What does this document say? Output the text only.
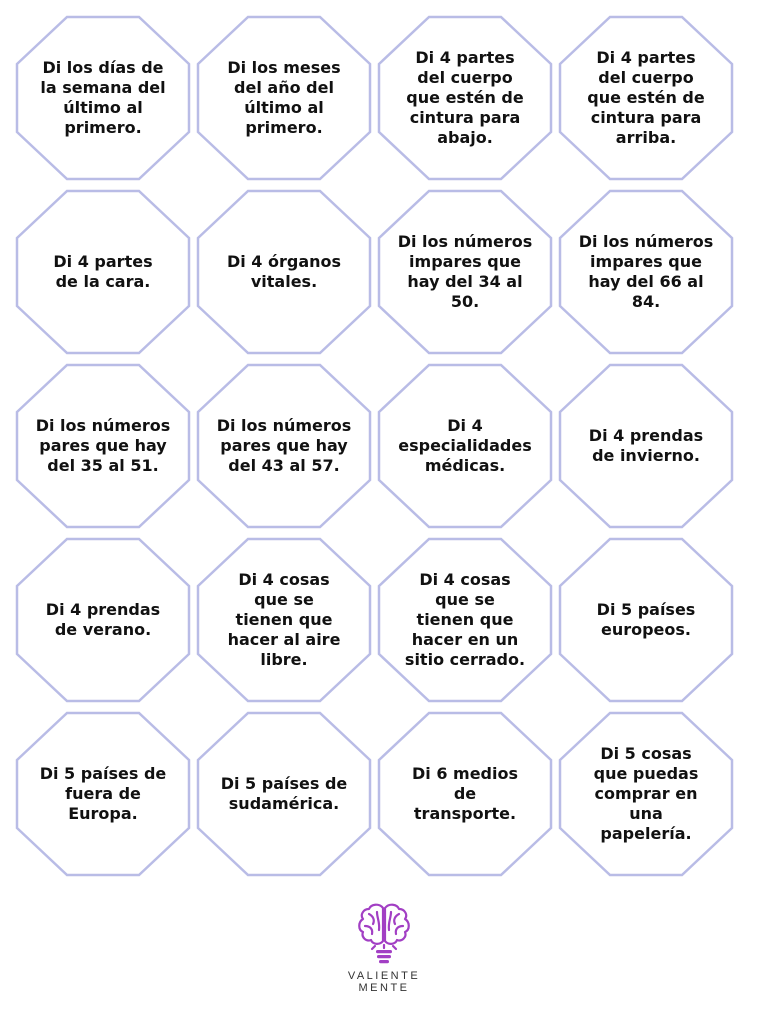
Di los días de
la semana del
último al
primero.
Di los meses
del año del
último al
primero.
Di 4 partes
del cuerpo
que estén de
cintura para
abajo.
Di 4 partes
del cuerpo
que estén de
cintura para
arriba.
Di 4 partes
de la cara.
Di 4 órganos
vitales.
Di los números
impares que
hay del 34 al
50.
Di los números
impares que
hay del 66 al
84.
Di los números
pares que hay
del 35 al 51.
Di los números
pares que hay
del 43 al 57.
Di 4
especialidades
médicas.
Di 4 prendas
de invierno.
Di 4 prendas
de verano.
Di 4 cosas
que se
tienen que
hacer al aire
libre.
Di 4 cosas
que se
tienen que
hacer en un
sitio cerrado.
Di 5 países
europeos.
Di 5 países de
fuera de
Europa.
Di 5 países de
sudamérica.
Di 6 medios
de
transporte.
Di 5 cosas
que puedas
comprar en
una
papelería.
VALIENTE
MENTE
